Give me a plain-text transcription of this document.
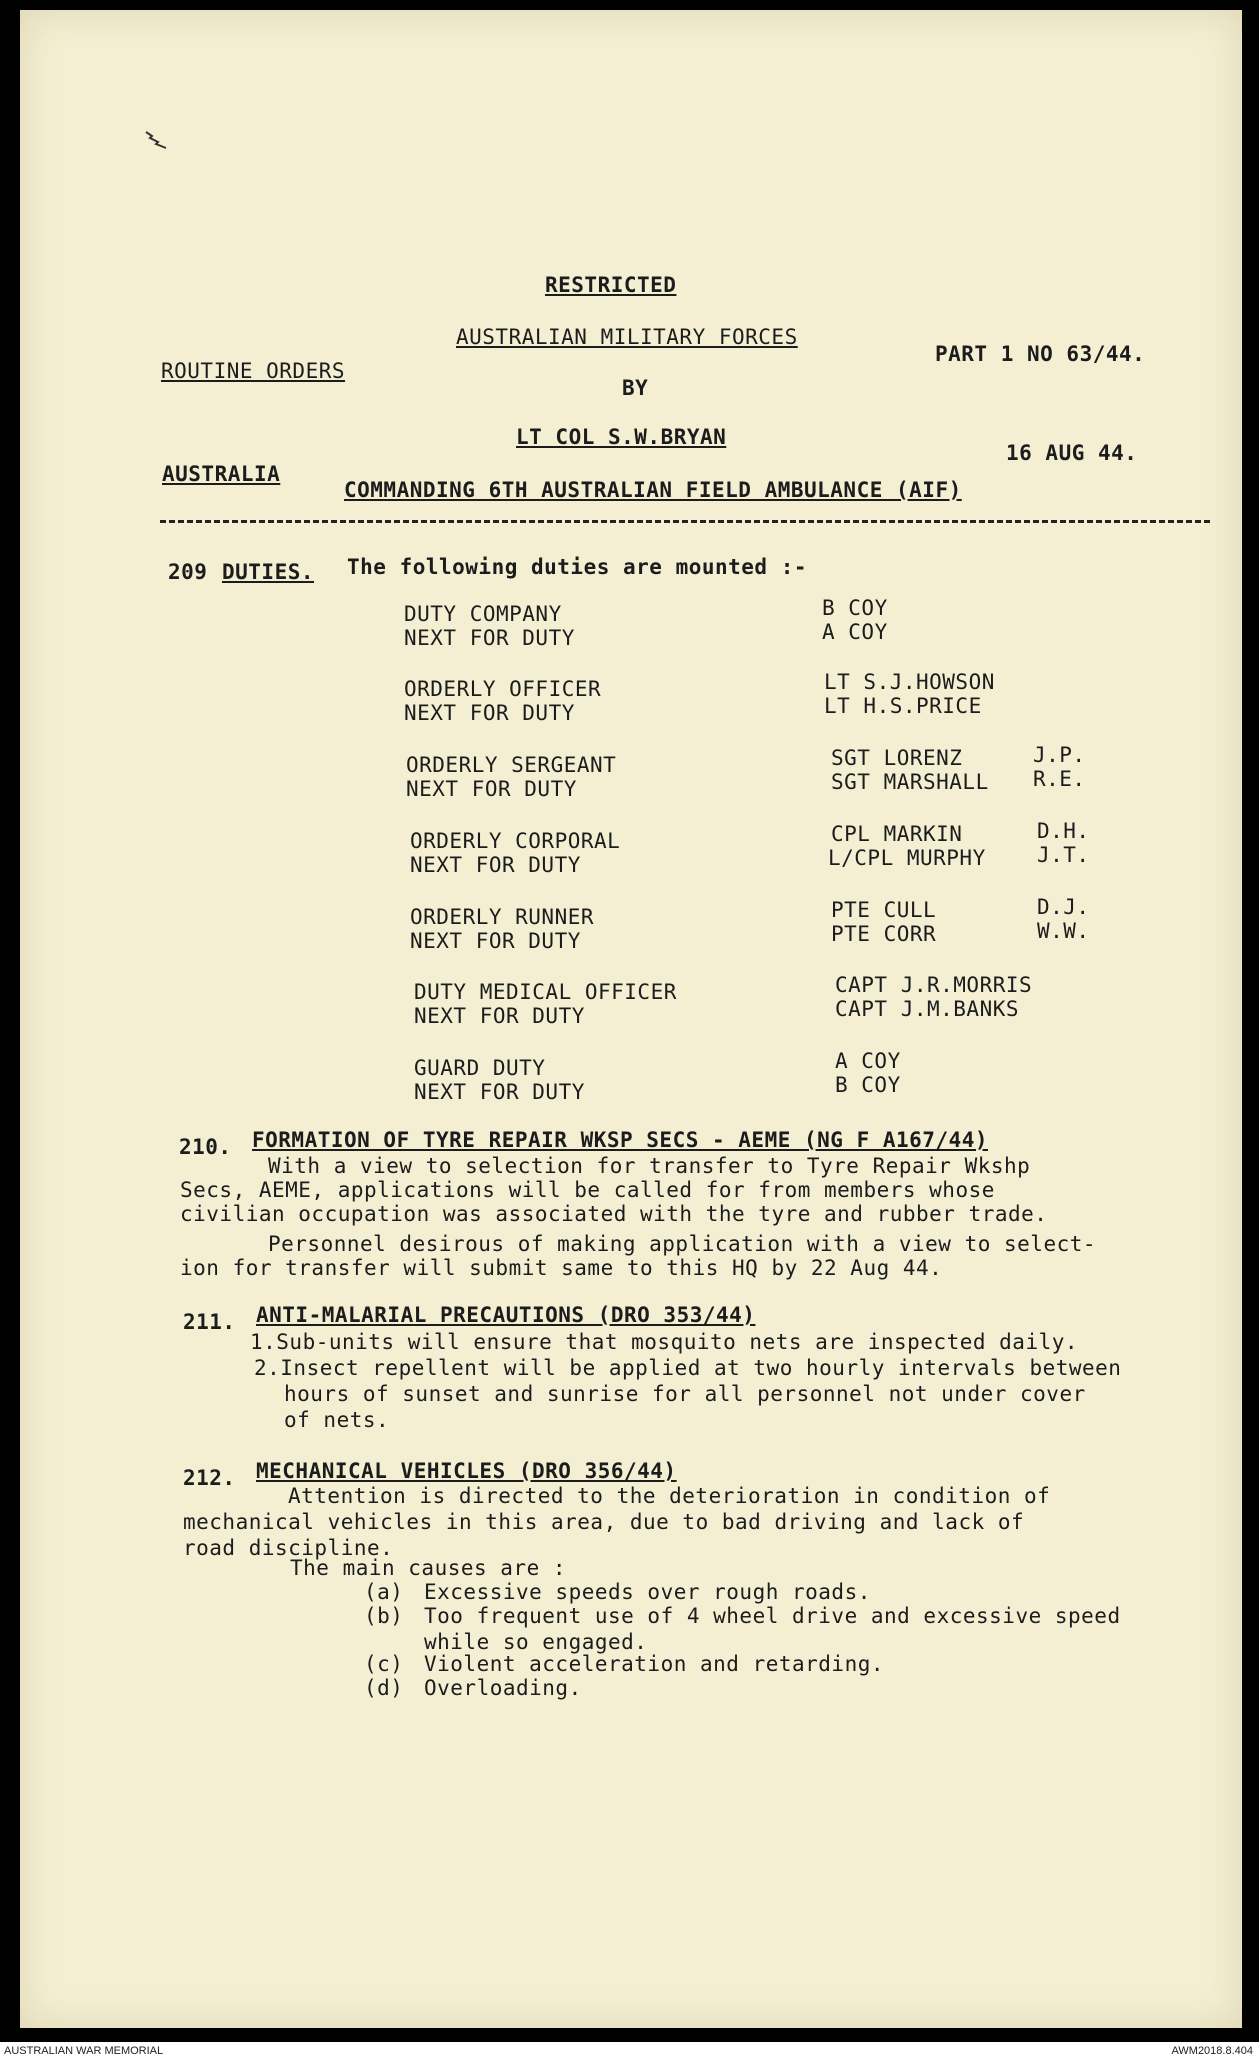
RESTRICTED
AUSTRALIAN MILITARY FORCES
ROUTINE ORDERS
PART 1 NO 63/44.
BY
LT COL S.W.BRYAN
16 AUG 44.
AUSTRALIA
COMMANDING 6TH AUSTRALIAN FIELD AMBULANCE (AIF)
209 DUTIES. The following duties are mounted :-
DUTY COMPANY	B COY
NEXT FOR DUTY	A COY
ORDERLY OFFICER	LT S.J.HOWSON
NEXT FOR DUTY	LT H.S.PRICE
ORDERLY SERGEANT	SGT LORENZ	J.P.
NEXT FOR DUTY	SGT MARSHALL R.E.
ORDERLY CORPORAL	CPL MARKIN	D.H.
NEXT FOR DUTY	L/CPL MURPHY J.T.
ORDERLY RUNNER	PTE CULL	D.J.
NEXT FOR DUTY	PTE CORR	W.W.
DUTY MEDICAL OFFICER	CAPT J.R.MORRIS
NEXT FOR DUTY	CAPT J.M.BANKS
GUARD DUTY	A COY
NEXT FOR DUTY	B COY
210. FORMATION OF TYRE REPAIR WKSP SECS - AEME (NG F A167/44)
With a view to selection for transfer to Tyre Repair Wkshp
Secs, AEME, applications will be called for from members whose
civilian occupation was associated with the tyre and rubber trade.
Personnel desirous of making application with a view to select-
ion for transfer will submit same to this HQ by 22 Aug 44.
211. ANTI-MALARIAL PRECAUTIONS (DRO 353/44)
1.Sub-units will ensure that mosquito nets are inspected daily.
2.Insect repellent will be applied at two hourly intervals between
hours of sunset and sunrise for all personnel not under cover
of nets.
212. MECHANICAL VEHICLES (DRO 356/44)
Attention is directed to the deterioration in condition of
mechanical vehicles in this area, due to bad driving and lack of
road discipline.
The main causes are :
(a) Excessive speeds over rough roads.
(b) Too frequent use of 4 wheel drive and excessive speed
while so engaged.
(c) Violent acceleration and retarding.
(d) Overloading.
AUSTRALIAN WAR MEMORIAL	AWM2018.8.404
